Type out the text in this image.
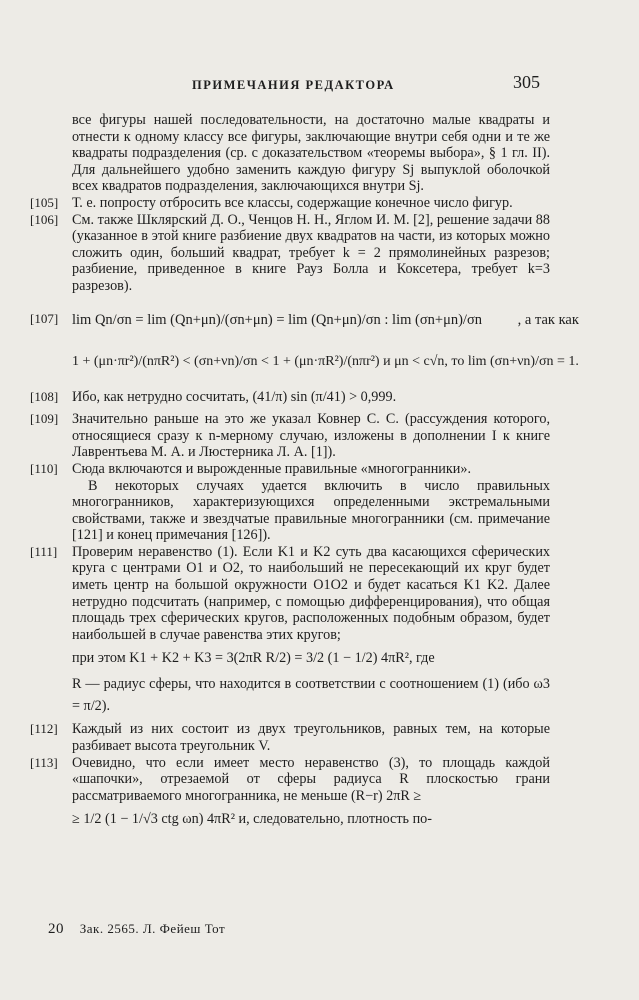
ПРИМЕЧАНИЯ РЕДАКТОРА	305

все фигуры нашей последовательности, на достаточно малые квадраты и отнести к одному классу все фигуры, заключающие внутри себя одни и те же квадраты подразделения (ср. с доказательством «теоремы выбора», § 1 гл. II). Для дальнейшего удобно заменить каждую фигуру Sj выпуклой оболочкой всех квадратов подразделения, заключающихся внутри Sj.

[105] Т. е. попросту отбросить все классы, содержащие конечное число фигур.
[106] См. также Шклярский Д. О., Ченцов Н. Н., Яглом И. М. [2], решение задачи 88 (указанное в этой книге разбиение двух квадратов на части, из которых можно сложить один, больший квадрат, требует k = 2 прямолинейных разрезов; разбиение, приведенное в книге Рауз Болла и Коксетера, требует k=3 разрезов).
[107] lim Qn/σn = lim (Qn+μn)/(σn+μn) = lim (Qn+μn)/σn : lim (σn+μn)/σn , а так как
1 + (μn·πr²)/(nπR²) < (σn+νn)/σn < 1 + (μn·πR²)/(nπr²) и μn < c√n, то lim (σn+νn)/σn = 1.
[108] Ибо, как нетрудно сосчитать, (41/π) sin (π/41) > 0,999.
[109] Значительно раньше на это же указал Ковнер С. С. (рассуждения которого, относящиеся сразу к n-мерному случаю, изложены в дополнении I к книге Лаврентьева М. А. и Люстерника Л. А. [1]).
[110]	Сюда включаются и вырожденные правильные «многогранники».

В некоторых случаях удается включить в число правильных многогранников, характеризующихся определенными экстремальными свойствами, также и звездчатые правильные многогранники (см. примечание [121] и конец примечания [126]).

[111]	Проверим неравенство (1). Если K1 и K2 суть два касающихся сферических круга с центрами O1 и O2, то наибольший не пересекающий их круг будет иметь центр на большой окружности O1O2 и будет касаться K1 K2. Далее нетрудно подсчитать (например, с помощью дифференцирования), что общая площадь трех сферических кругов, расположенных подобным образом, будет наибольшей в случае равенства этих кругов;

при этом K1 + K2 + K3 = 3(2πR R/2) = 3/2 (1 − 1/2) 4πR², где

R — радиус сферы, что находится в соответствии с соотношением (1) (ибо ω3 = π/2).

[112]	Каждый из них состоит из двух треугольников, равных тем, на которые разбивает высота треугольник V.
[113]	Очевидно, что если имеет место неравенство (3), то площадь каждой «шапочки», отрезаемой от сферы радиуса R плоскостью грани рассматриваемого многогранника, не меньше (R−r) 2πR ≥

≥ 1/2 (1 − 1/√3 ctg ωn) 4πR² и, следовательно, плотность по-

20 Зак. 2565. Л. Фейеш Тот
